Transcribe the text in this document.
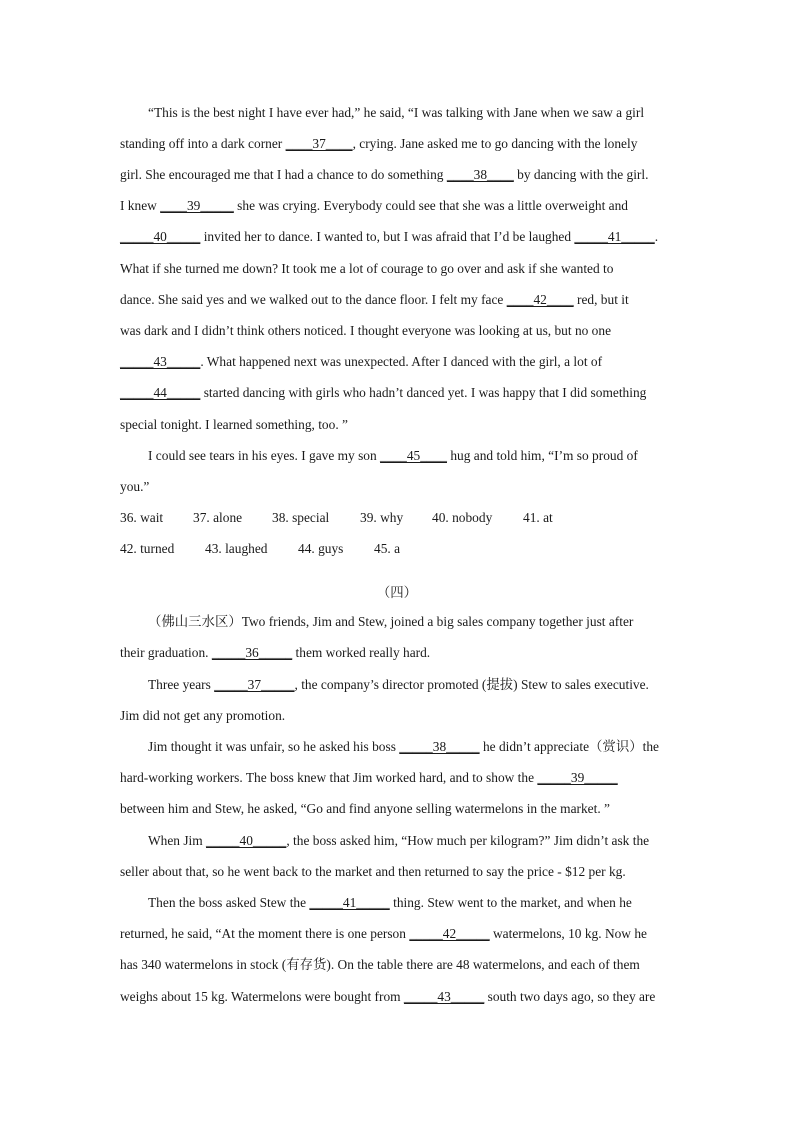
“This is the best night I have ever had,” he said, “I was talking with Jane when we saw a girl
standing off into a dark corner ____37____, crying. Jane asked me to go dancing with the lonely
girl. She encouraged me that I had a chance to do something ____38____ by dancing with the girl.
I knew ____39_____ she was crying. Everybody could see that she was a little overweight and
_____40_____ invited her to dance. I wanted to, but I was afraid that I’d be laughed _____41_____.
What if she turned me down? It took me a lot of courage to go over and ask if she wanted to
dance. She said yes and we walked out to the dance floor. I felt my face ____42____ red, but it
was dark and I didn’t think others noticed. I thought everyone was looking at us, but no one
_____43_____. What happened next was unexpected. After I danced with the girl, a lot of
_____44_____ started dancing with girls who hadn’t danced yet. I was happy that I did something
special tonight. I learned something, too. ”
I could see tears in his eyes. I gave my son ____45____ hug and told him, “I’m so proud of
you.”
36. wait 37. alone 38. special 39. why 40. nobody 41. at
42. turned 43. laughed 44. guys 45. a
（四）
（佛山三水区）Two friends, Jim and Stew, joined a big sales company together just after
their graduation. _____36_____ them worked really hard.
Three years _____37_____, the company’s director promoted (提拔) Stew to sales executive.
Jim did not get any promotion.
Jim thought it was unfair, so he asked his boss _____38_____ he didn’t appreciate（赏识）the
hard-working workers. The boss knew that Jim worked hard, and to show the _____39_____
between him and Stew, he asked, “Go and find anyone selling watermelons in the market. ”
When Jim _____40_____, the boss asked him, “How much per kilogram?” Jim didn’t ask the
seller about that, so he went back to the market and then returned to say the price - $12 per kg.
Then the boss asked Stew the _____41_____ thing. Stew went to the market, and when he
returned, he said, “At the moment there is one person _____42_____ watermelons, 10 kg. Now he
has 340 watermelons in stock (有存货). On the table there are 48 watermelons, and each of them
weighs about 15 kg. Watermelons were bought from _____43_____ south two days ago, so they are
